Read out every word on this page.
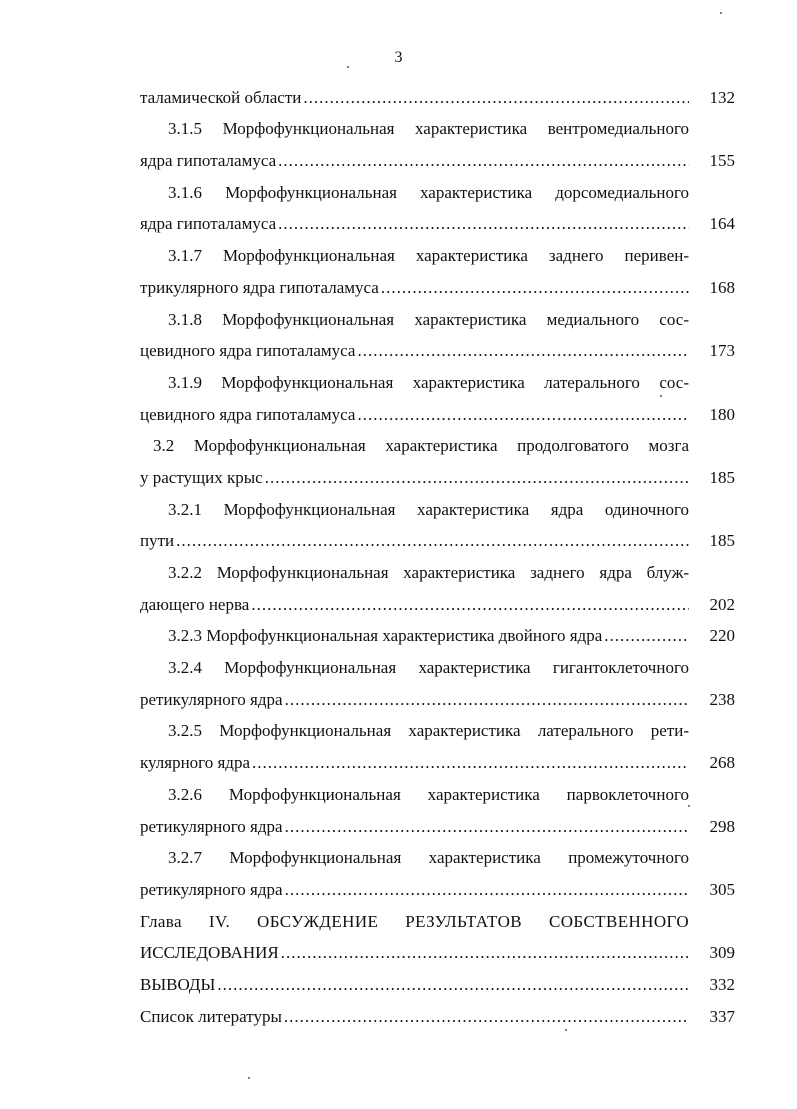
3
таламической области .....	132
3.1.5 Морфофункциональная характеристика вентромедиального
ядра гипоталамуса .....	155
3.1.6 Морфофункциональная характеристика дорсомедиального
ядра гипоталамуса .....	164
3.1.7 Морфофункциональная характеристика заднего перивен-
трикулярного ядра гипоталамуса .....	168
3.1.8 Морфофункциональная характеристика медиального сос-
цевидного ядра гипоталамуса .....	173
3.1.9 Морфофункциональная характеристика латерального сос-
цевидного ядра гипоталамуса .....	180
3.2 Морфофункциональная характеристика продолговатого мозга
у растущих крыс .....	185
3.2.1 Морфофункциональная характеристика ядра одиночного
пути .....	185
3.2.2 Морфофункциональная характеристика заднего ядра блуж-
дающего нерва .....	202
3.2.3 Морфофункциональная характеристика двойного ядра .....	220
3.2.4 Морфофункциональная характеристика гигантоклеточного
ретикулярного ядра .....	238
3.2.5 Морфофункциональная характеристика латерального рети-
кулярного ядра .....	268
3.2.6 Морфофункциональная характеристика парвоклеточного
ретикулярного ядра .....	298
3.2.7 Морфофункциональная характеристика промежуточного
ретикулярного ядра .....	305
Глава IV. ОБСУЖДЕНИЕ РЕЗУЛЬТАТОВ СОБСТВЕННОГО
ИССЛЕДОВАНИЯ .....	309
ВЫВОДЫ .....	332
Список литературы .....	337
